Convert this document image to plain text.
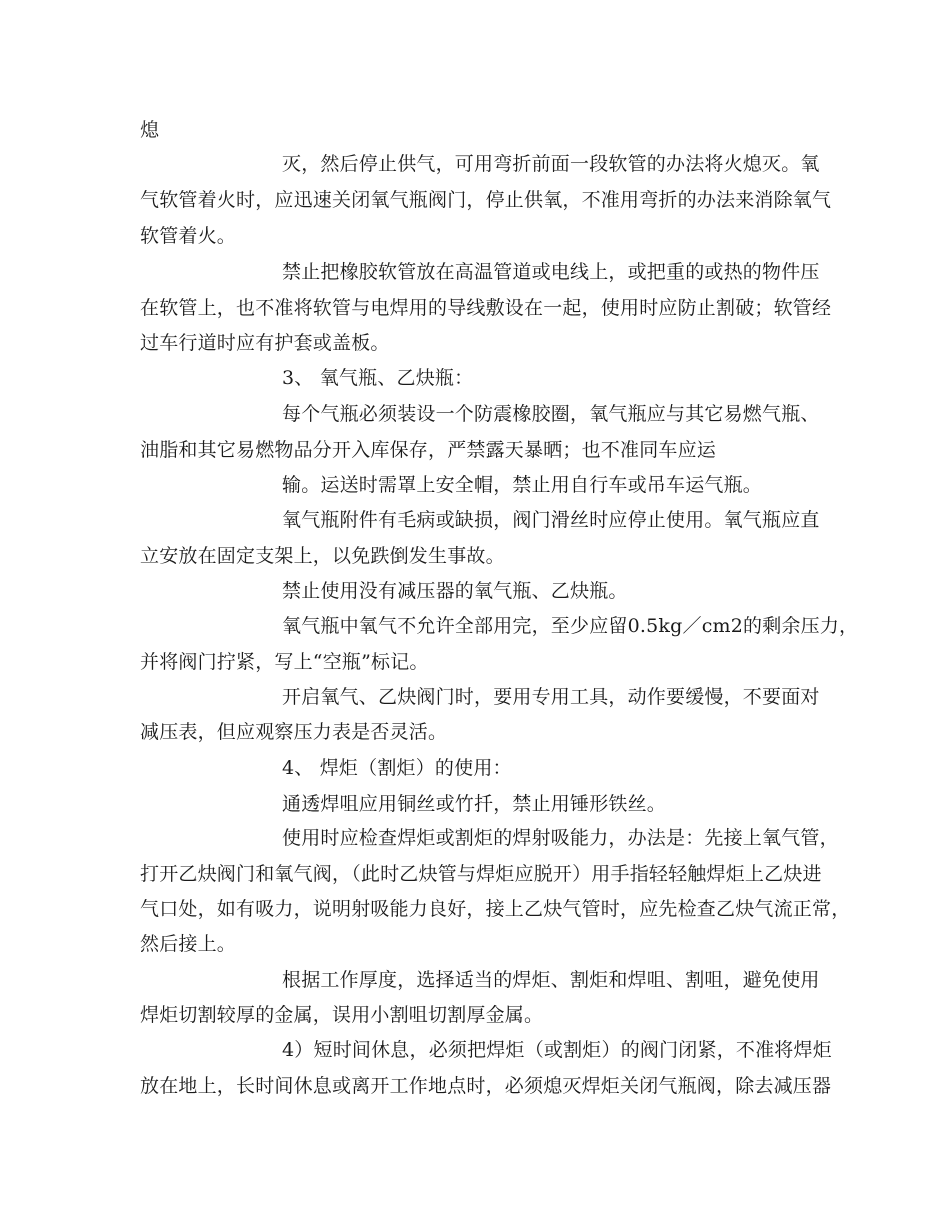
熄
灭，然后停止供气，可用弯折前面一段软管的办法将火熄灭。氧
气软管着火时，应迅速关闭氧气瓶阀门，停止供氧，不准用弯折的办法来消除氧气
软管着火。
禁止把橡胶软管放在高温管道或电线上，或把重的或热的物件压
在软管上，也不准将软管与电焊用的导线敷设在一起，使用时应防止割破；软管经
过车行道时应有护套或盖板。
3、 氧气瓶、乙炔瓶：
每个气瓶必须装设一个防震橡胶圈，氧气瓶应与其它易燃气瓶、
油脂和其它易燃物品分开入库保存，严禁露天暴晒；也不准同车应运
输。运送时需罩上安全帽，禁止用自行车或吊车运气瓶。
氧气瓶附件有毛病或缺损，阀门滑丝时应停止使用。氧气瓶应直
立安放在固定支架上，以免跌倒发生事故。
禁止使用没有减压器的氧气瓶、乙炔瓶。
氧气瓶中氧气不允许全部用完，至少应留0.5kg／cm2的剩余压力，
并将阀门拧紧，写上“空瓶”标记。
开启氧气、乙炔阀门时，要用专用工具，动作要缓慢，不要面对
减压表，但应观察压力表是否灵活。
4、 焊炬（割炬）的使用：
通透焊咀应用铜丝或竹扦，禁止用锤形铁丝。
使用时应检查焊炬或割炬的焊射吸能力，办法是：先接上氧气管，
打开乙炔阀门和氧气阀，（此时乙炔管与焊炬应脱开）用手指轻轻触焊炬上乙炔进
气口处，如有吸力，说明射吸能力良好，接上乙炔气管时，应先检查乙炔气流正常，
然后接上。
根据工作厚度，选择适当的焊炬、割炬和焊咀、割咀，避免使用
焊炬切割较厚的金属，误用小割咀切割厚金属。
4）短时间休息，必须把焊炬（或割炬）的阀门闭紧，不准将焊炬
放在地上，长时间休息或离开工作地点时，必须熄灭焊炬关闭气瓶阀，除去减压器
